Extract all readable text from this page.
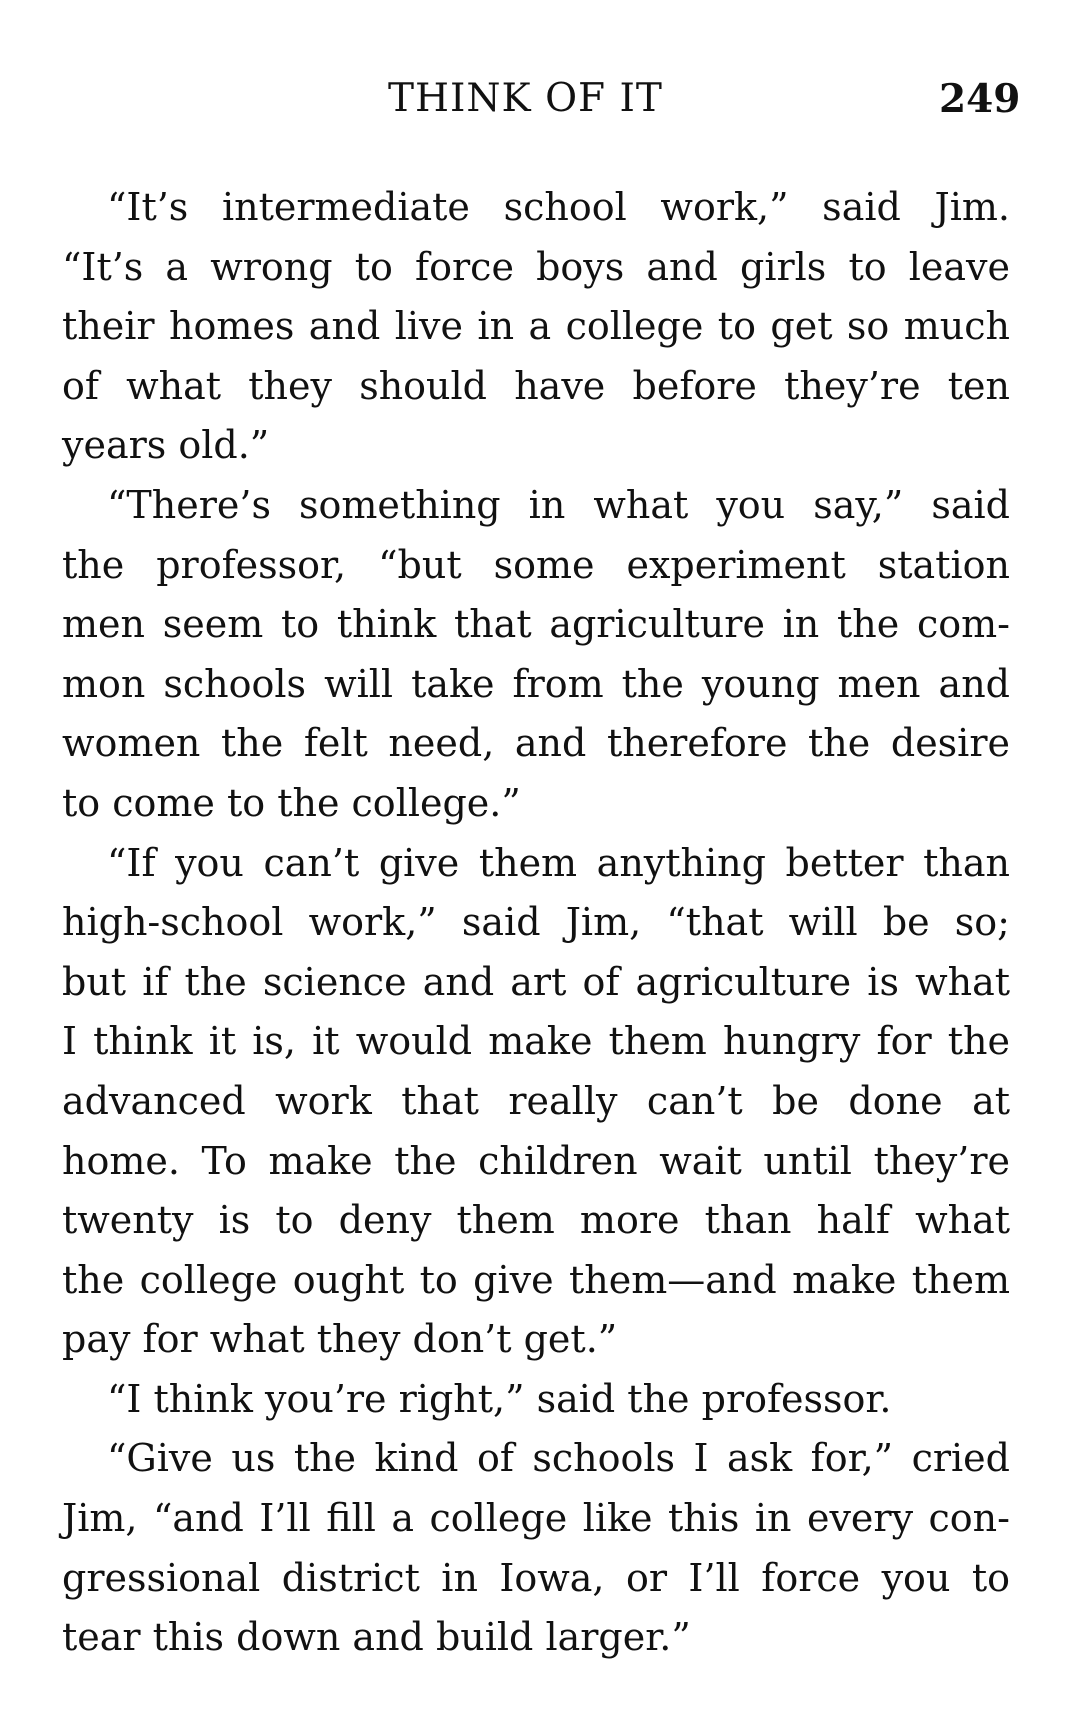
THINK OF IT	249
“It’s intermediate school work,” said Jim.
“It’s a wrong to force boys and girls to leave
their homes and live in a college to get so much
of what they should have before they’re ten
years old.”
“There’s something in what you say,” said
the professor, “but some experiment station
men seem to think that agriculture in the com-
mon schools will take from the young men and
women the felt need, and therefore the desire
to come to the college.”
“If you can’t give them anything better than
high-school work,” said Jim, “that will be so;
but if the science and art of agriculture is what
I think it is, it would make them hungry for the
advanced work that really can’t be done at
home. To make the children wait until they’re
twenty is to deny them more than half what
the college ought to give them—and make them
pay for what they don’t get.”
“I think you’re right,” said the professor.
“Give us the kind of schools I ask for,” cried
Jim, “and I’ll fill a college like this in every con-
gressional district in Iowa, or I’ll force you to
tear this down and build larger.”
